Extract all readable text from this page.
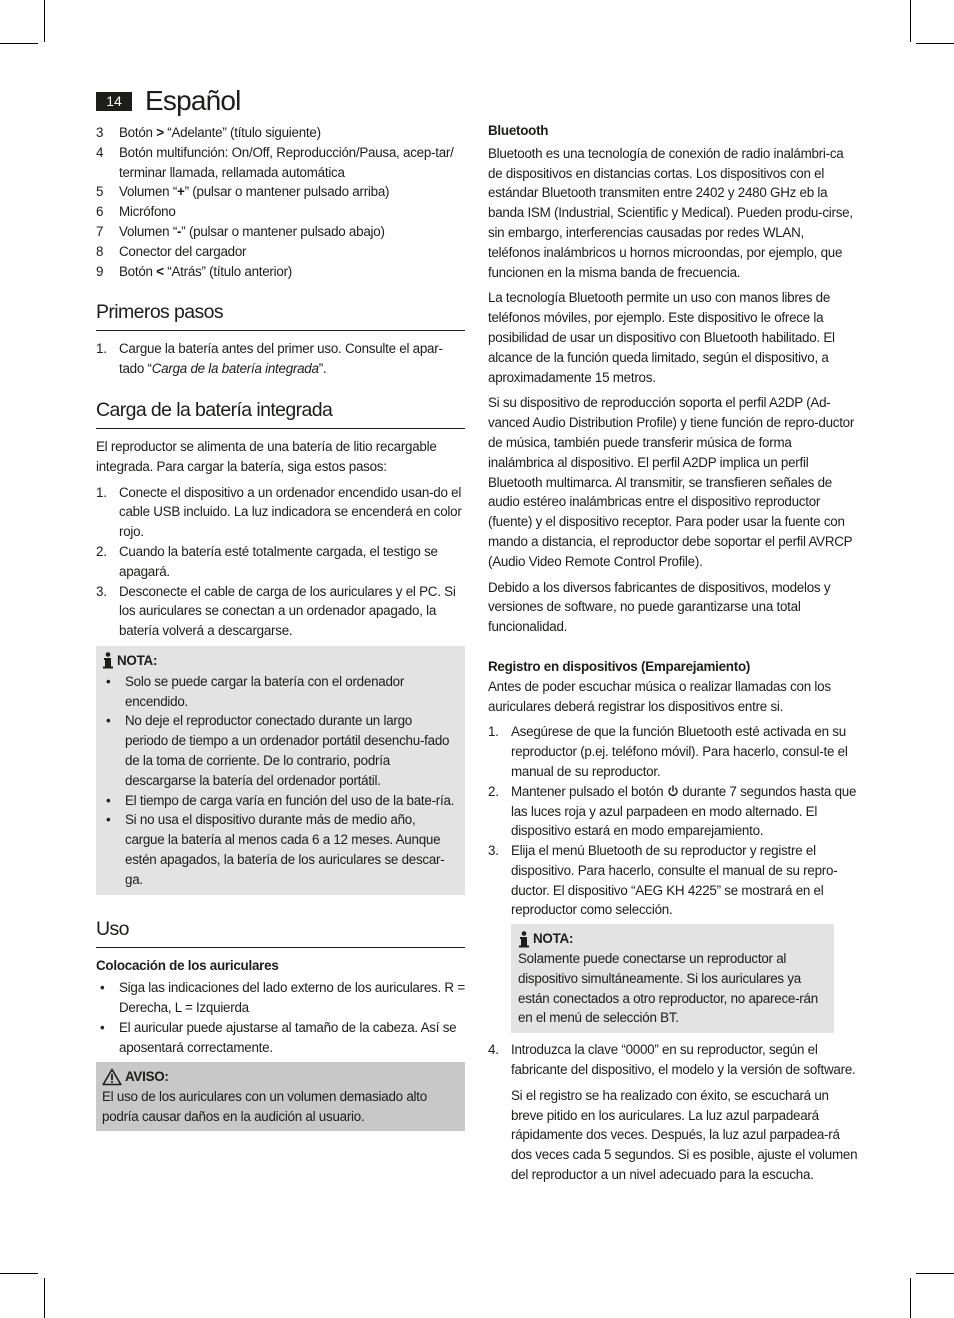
14 Español
3 Botón > “Adelante” (título siguiente)
4 Botón multifunción: On/Off, Reproducción/Pausa, acep-tar/ terminar llamada, rellamada automática
5 Volumen “+” (pulsar o mantener pulsado arriba)
6 Micrófono
7 Volumen “-” (pulsar o mantener pulsado abajo)
8 Conector del cargador
9 Botón < “Atrás” (título anterior)
Primeros pasos
1. Cargue la batería antes del primer uso. Consulte el apar-tado “Carga de la batería integrada”.
Carga de la batería integrada

El reproductor se alimenta de una batería de litio recargable integrada. Para cargar la batería, siga estos pasos:

1. Conecte el dispositivo a un ordenador encendido usan-do el cable USB incluido. La luz indicadora se encenderá en color rojo.
2. Cuando la batería esté totalmente cargada, el testigo se apagará.
3. Desconecte el cable de carga de los auriculares y el PC. Si los auriculares se conectan a un ordenador apagado, la batería volverá a descargarse.
NOTA:
• Solo se puede cargar la batería con el ordenador encendido.
• No deje el reproductor conectado durante un largo periodo de tiempo a un ordenador portátil desenchu-fado de la toma de corriente. De lo contrario, podría descargarse la batería del ordenador portátil.
• El tiempo de carga varía en función del uso de la bate-ría.
• Si no usa el dispositivo durante más de medio año, cargue la batería al menos cada 6 a 12 meses. Aunque estén apagados, la batería de los auriculares se descar-ga.
Uso
Colocación de los auriculares
• Siga las indicaciones del lado externo de los auriculares. R = Derecha, L = Izquierda
• El auricular puede ajustarse al tamaño de la cabeza. Así se aposentará correctamente.
AVISO:

El uso de los auriculares con un volumen demasiado alto podría causar daños en la audición al usuario.

Bluetooth

Bluetooth es una tecnología de conexión de radio inalámbri-ca de dispositivos en distancias cortas. Los dispositivos con el estándar Bluetooth transmiten entre 2402 y 2480 GHz eb la banda ISM (Industrial, Scientific y Medical). Pueden produ-cirse, sin embargo, interferencias causadas por redes WLAN, teléfonos inalámbricos u hornos microondas, por ejemplo, que funcionen en la misma banda de frecuencia.

La tecnología Bluetooth permite un uso con manos libres de teléfonos móviles, por ejemplo. Este dispositivo le ofrece la posibilidad de usar un dispositivo con Bluetooth habilitado. El alcance de la función queda limitado, según el dispositivo, a aproximadamente 15 metros.

Si su dispositivo de reproducción soporta el perfil A2DP (Ad-vanced Audio Distribution Profile) y tiene función de repro-ductor de música, también puede transferir música de forma inalámbrica al dispositivo. El perfil A2DP implica un perfil Bluetooth multimarca. Al transmitir, se transfieren señales de audio estéreo inalámbricas entre el dispositivo reproductor (fuente) y el dispositivo receptor. Para poder usar la fuente con mando a distancia, el reproductor debe soportar el perfil AVRCP (Audio Video Remote Control Profile).

Debido a los diversos fabricantes de dispositivos, modelos y versiones de software, no puede garantizarse una total funcionalidad.

Registro en dispositivos (Emparejamiento)

Antes de poder escuchar música o realizar llamadas con los auriculares deberá registrar los dispositivos entre si.

1. Asegúrese de que la función Bluetooth esté activada en su reproductor (p.ej. teléfono móvil). Para hacerlo, consul-te el manual de su reproductor.
2. Mantener pulsado el botón  durante 7 segundos hasta que las luces roja y azul parpadeen en modo alternado. El dispositivo estará en modo emparejamiento.
3. Elija el menú Bluetooth de su reproductor y registre el dispositivo. Para hacerlo, consulte el manual de su repro-ductor. El dispositivo “AEG KH 4225” se mostrará en el reproductor como selección.
NOTA:

Solamente puede conectarse un reproductor al dispositivo simultáneamente. Si los auriculares ya están conectados a otro reproductor, no aparece-rán en el menú de selección BT.

4. Introduzca la clave “0000” en su reproductor, según el fabricante del dispositivo, el modelo y la versión de software.

Si el registro se ha realizado con éxito, se escuchará un breve pitido en los auriculares. La luz azul parpadeará rápidamente dos veces. Después, la luz azul parpadea-rá dos veces cada 5 segundos. Si es posible, ajuste el volumen del reproductor a un nivel adecuado para la escucha.
